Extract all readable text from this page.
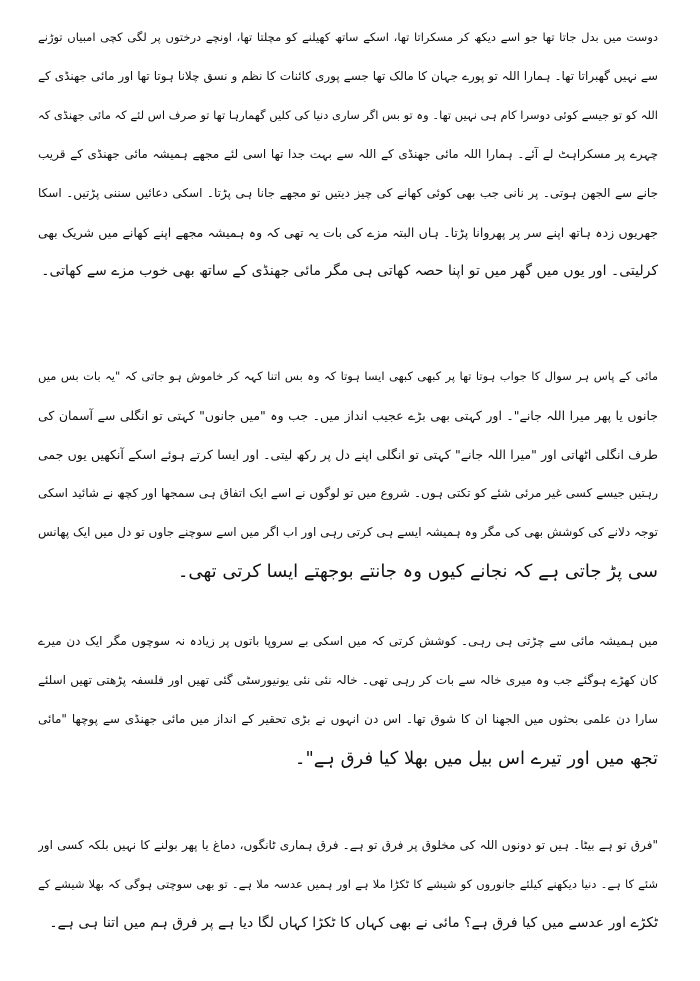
دوست میں بدل جاتا تھا جو اسے دیکھ کر مسکراتا تھا، اسکے ساتھ کھیلنے کو مچلتا تھا، اونچے درختوں پر لگی کچی امبیاں توڑنے
سے نہیں گھبراتا تھا۔ ہمارا اللہ تو پورے جہان کا مالک تھا جسے پوری کائنات کا نظم و نسق چلانا ہوتا تھا اور مائی جھنڈی کے
اللہ کو تو جیسے کوئی دوسرا کام ہی نہیں تھا۔ وہ تو بس اگر ساری دنیا کی کلیں گھمارہا تھا تو صرف اس لئے کہ مائی جھنڈی کہ
چہرے پر مسکراہٹ لے آئے۔ ہمارا اللہ مائی جھنڈی کے اللہ سے بہت جدا تھا اسی لئے مجھے ہمیشہ مائی جھنڈی کے قریب
جانے سے الجھن ہوتی۔ پر نانی جب بھی کوئی کھانے کی چیز دیتیں تو مجھے جانا ہی پڑتا۔ اسکی دعائیں سننی پڑتیں۔ اسکا
جھریوں زدہ ہاتھ اپنے سر پر پھروانا پڑتا۔ ہاں البتہ مزے کی بات یہ تھی کہ وہ ہمیشہ مجھے اپنے کھانے میں شریک بھی
کرلیتی۔ اور یوں میں گھر میں تو اپنا حصہ کھاتی ہی مگر مائی جھنڈی کے ساتھ بھی خوب مزے سے کھاتی۔
مائی کے پاس ہر سوال کا جواب ہوتا تھا پر کبھی کبھی ایسا ہوتا کہ وہ بس اتنا کہہ کر خاموش ہو جاتی کہ "یہ بات بس میں
جانوں یا پھر میرا اللہ جانے"۔ اور کہتی بھی بڑے عجیب انداز میں۔ جب وہ "میں جانوں" کہتی تو انگلی سے آسمان کی
طرف انگلی اٹھاتی اور "میرا اللہ جانے" کہتی تو انگلی اپنے دل پر رکھ لیتی۔ اور ایسا کرتے ہوئے اسکے آنکھیں یوں جمی
رہتیں جیسے کسی غیر مرئی شئے کو تکتی ہوں۔ شروع میں تو لوگوں نے اسے ایک اتفاق ہی سمجھا اور کچھ نے شائید اسکی
توجہ دلانے کی کوشش بھی کی مگر وہ ہمیشہ ایسے ہی کرتی رہی اور اب اگر میں اسے سوچنے جاوں تو دل میں ایک پھانس
سی پڑ جاتی ہے کہ نجانے کیوں وہ جانتے بوجھتے ایسا کرتی تھی۔
میں ہمیشہ مائی سے چڑتی ہی رہی۔ کوشش کرتی کہ میں اسکی بے سروپا باتوں پر زیادہ نہ سوچوں مگر ایک دن میرے
کان کھڑے ہوگئے جب وہ میری خالہ سے بات کر رہی تھی۔ خالہ نئی نئی یونیورسٹی گئی تھیں اور فلسفہ پڑھتی تھیں اسلئے
سارا دن علمی بحثوں میں الجھنا ان کا شوق تھا۔ اس دن انہوں نے بڑی تحقیر کے انداز میں مائی جھنڈی سے پوچھا "مائی
تجھ میں اور تیرے اس بیل میں بھلا کیا فرق ہے"۔
"فرق تو ہے بیٹا۔ ہیں تو دونوں اللہ کی مخلوق پر فرق تو ہے۔ فرق ہماری ٹانگوں، دماغ یا پھر بولنے کا نہیں بلکہ کسی اور
شئے کا ہے۔ دنیا دیکھنے کیلئے جانوروں کو شیشے کا ٹکڑا ملا ہے اور ہمیں عدسہ ملا ہے۔ تو بھی سوچتی ہوگی کہ بھلا شیشے کے
ٹکڑے اور عدسے میں کیا فرق ہے؟ مائی نے بھی کہاں کا ٹکڑا کہاں لگا دیا ہے پر فرق ہم میں اتنا ہی ہے۔
